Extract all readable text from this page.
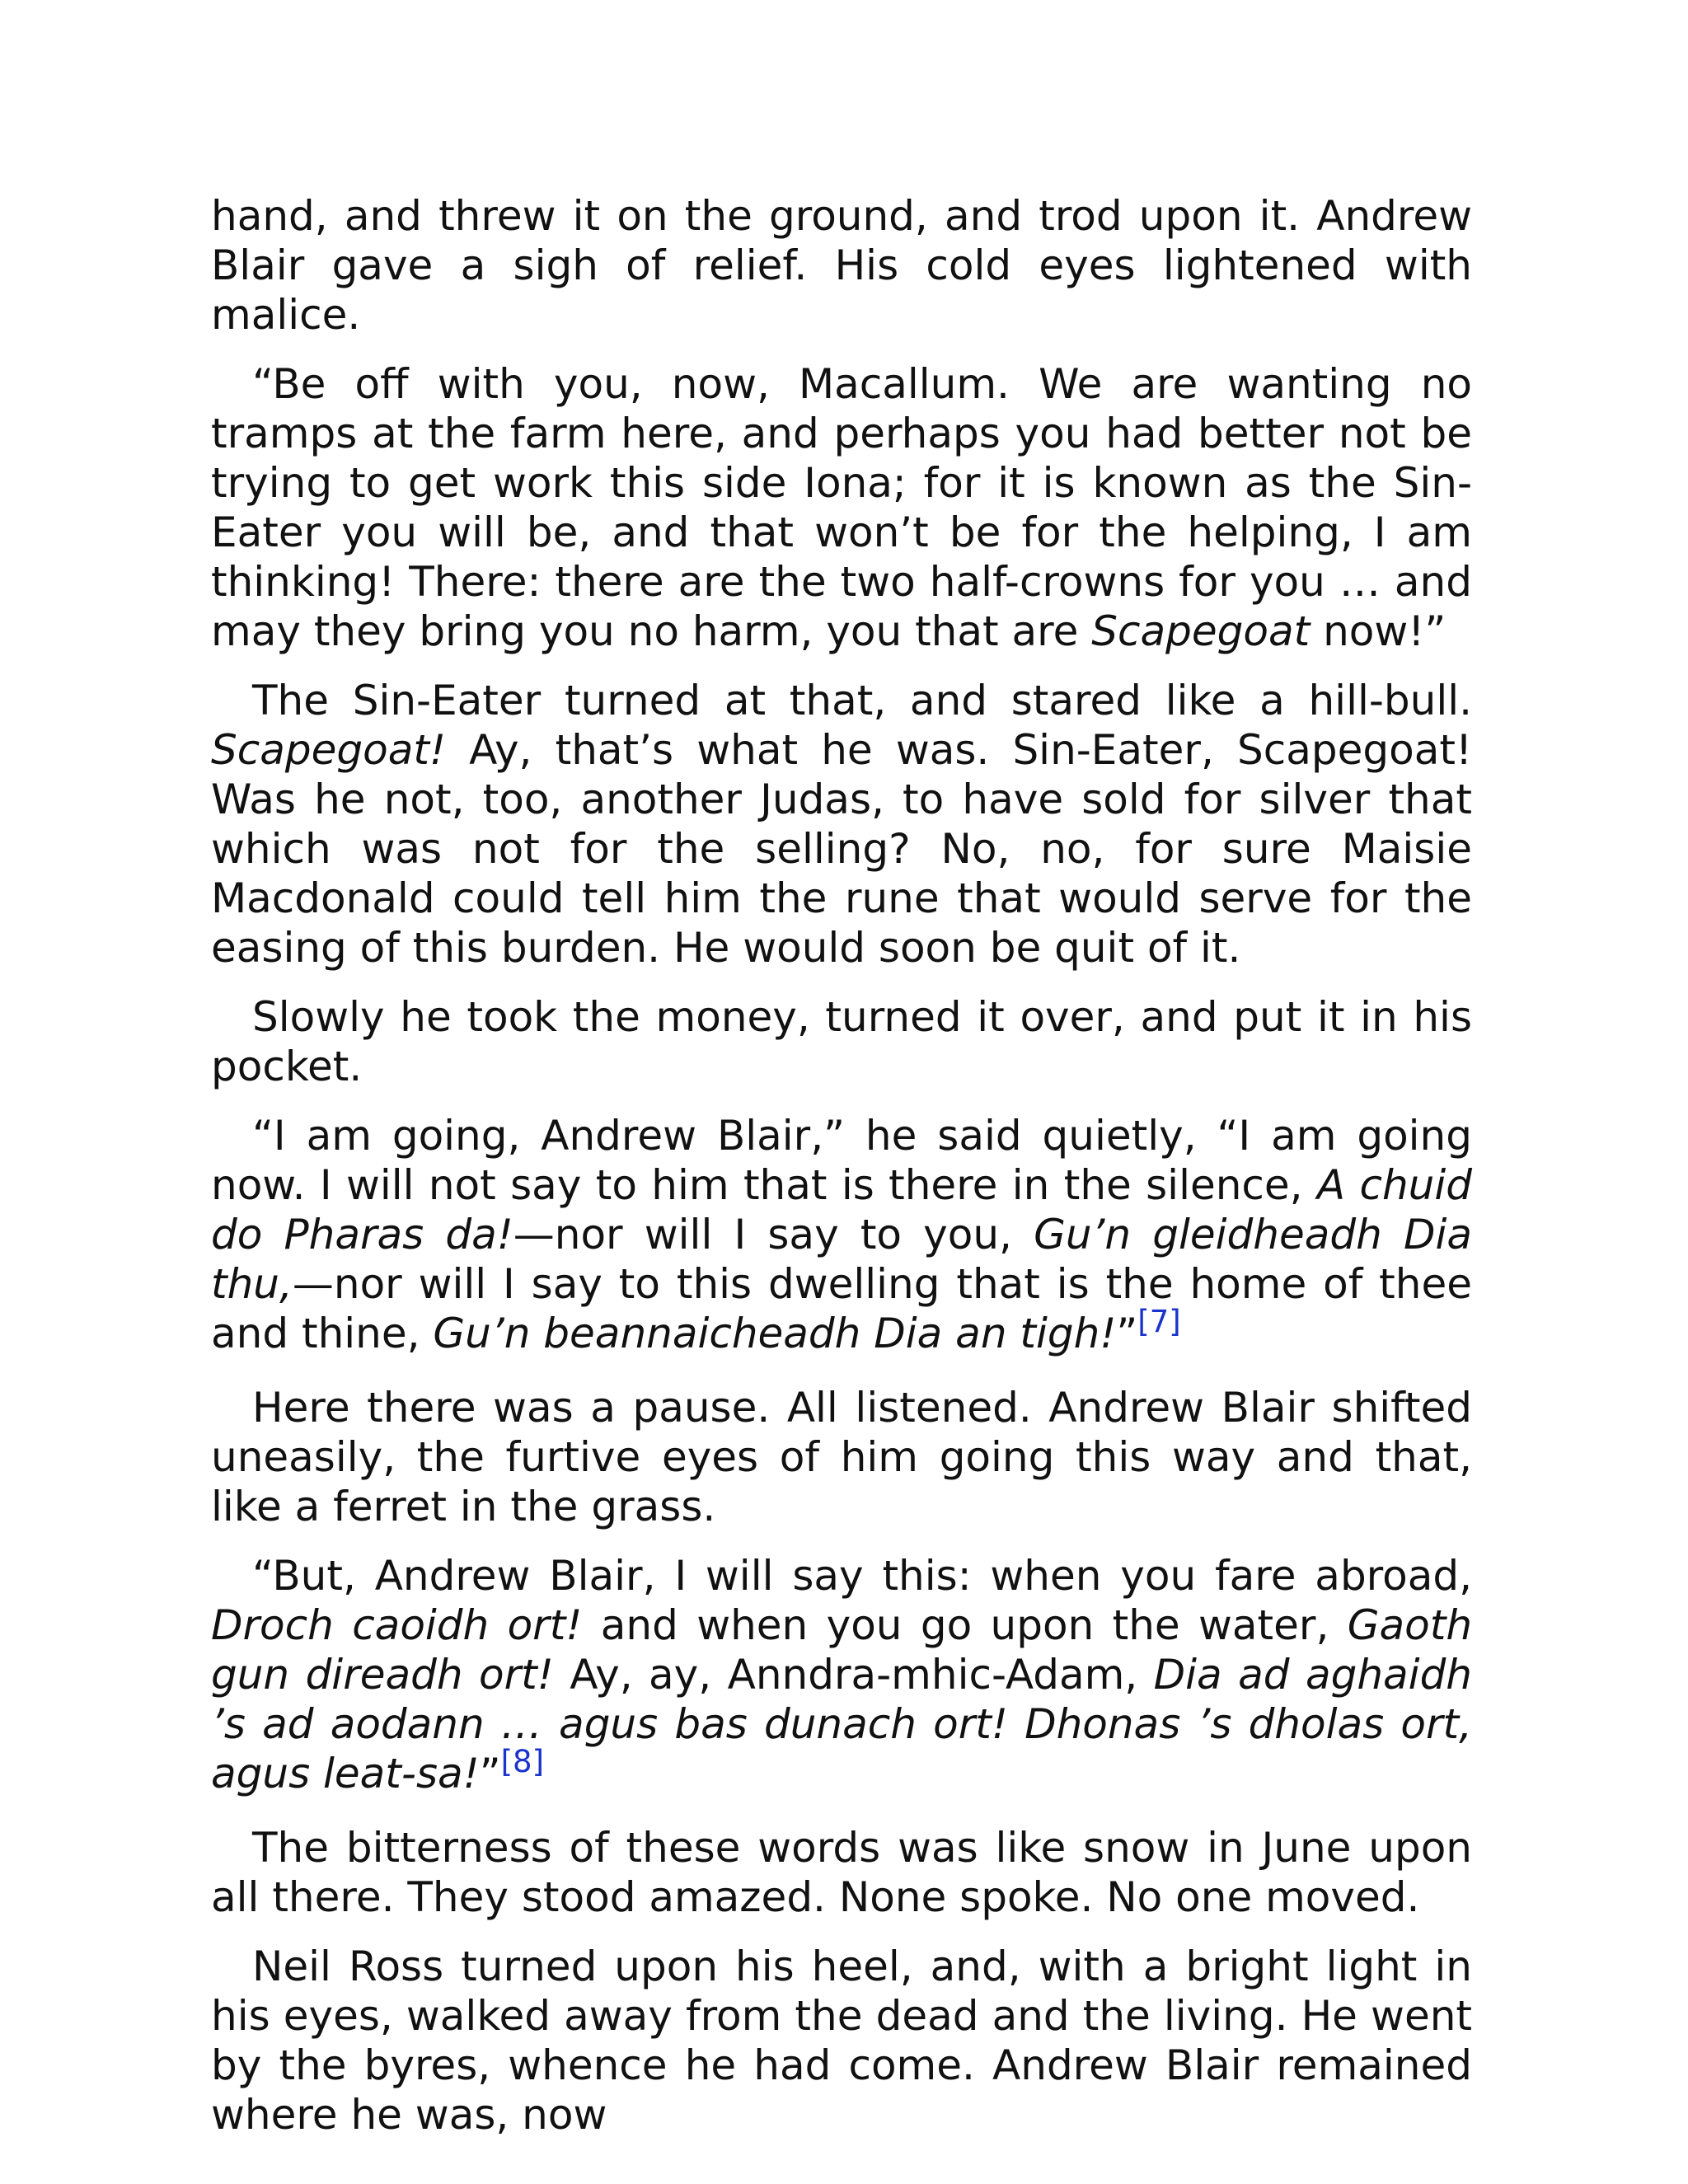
hand, and threw it on the ground, and trod upon it. Andrew Blair gave a sigh of relief. His cold eyes lightened with malice.

“Be off with you, now, Macallum. We are wanting no tramps at the farm here, and perhaps you had better not be trying to get work this side Iona; for it is known as the Sin-Eater you will be, and that won’t be for the helping, I am thinking! There: there are the two half-crowns for you … and may they bring you no harm, you that are Scapegoat now!”

The Sin-Eater turned at that, and stared like a hill-bull. Scapegoat! Ay, that’s what he was. Sin-Eater, Scapegoat! Was he not, too, another Judas, to have sold for silver that which was not for the selling? No, no, for sure Maisie Macdonald could tell him the rune that would serve for the easing of this burden. He would soon be quit of it.

Slowly he took the money, turned it over, and put it in his pocket.

“I am going, Andrew Blair,” he said quietly, “I am going now. I will not say to him that is there in the silence, A chuid do Pharas da!—nor will I say to you, Gu’n gleidheadh Dia thu,—nor will I say to this dwelling that is the home of thee and thine, Gu’n beannaicheadh Dia an tigh!”[7]

Here there was a pause. All listened. Andrew Blair shifted uneasily, the furtive eyes of him going this way and that, like a ferret in the grass.

“But, Andrew Blair, I will say this: when you fare abroad, Droch caoidh ort! and when you go upon the water, Gaoth gun direadh ort! Ay, ay, Anndra-mhic-Adam, Dia ad aghaidh ’s ad aodann … agus bas dunach ort! Dhonas ’s dholas ort, agus leat-sa!”[8]

The bitterness of these words was like snow in June upon all there. They stood amazed. None spoke. No one moved.

Neil Ross turned upon his heel, and, with a bright light in his eyes, walked away from the dead and the living. He went by the byres, whence he had come. Andrew Blair remained where he was, now
